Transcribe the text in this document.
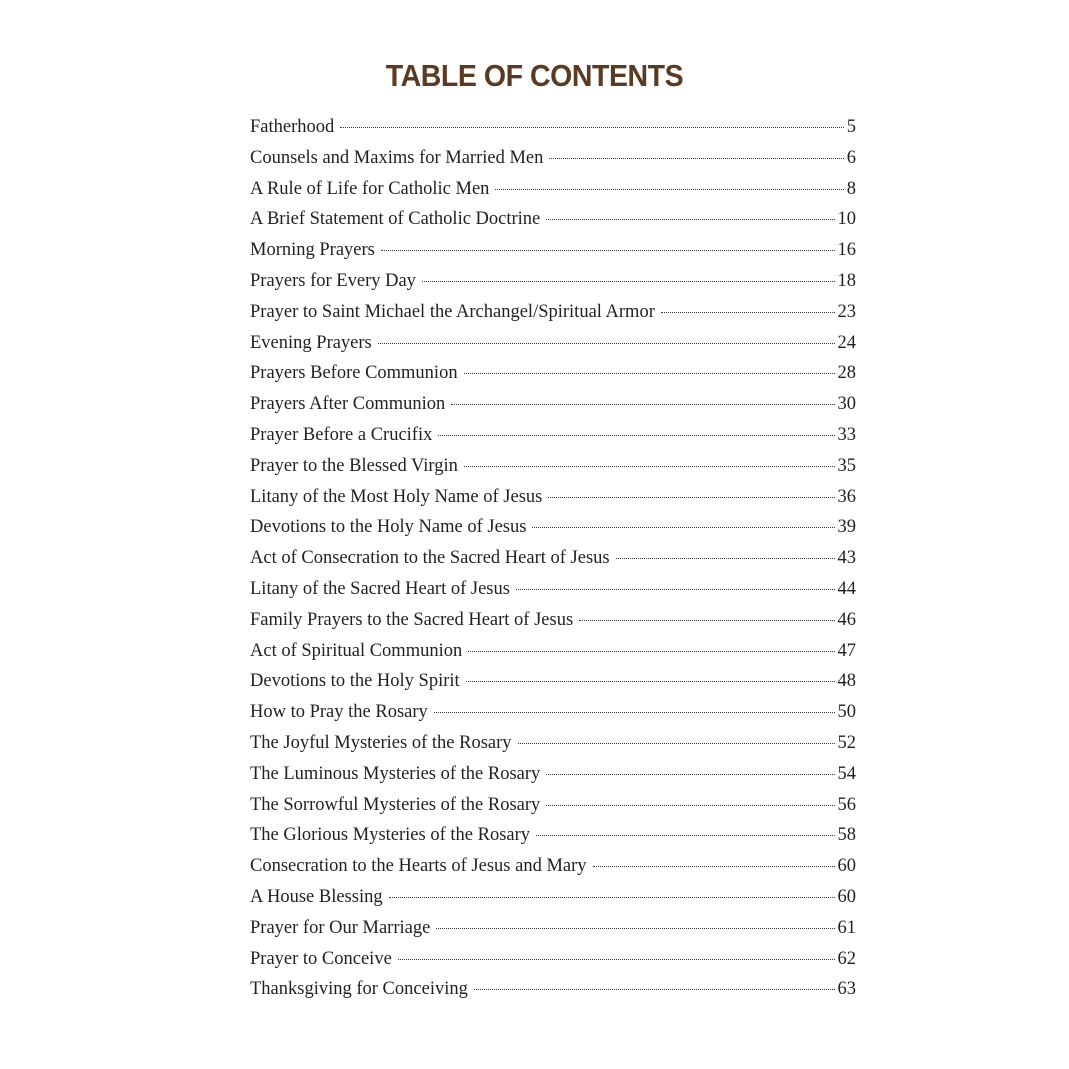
TABLE OF CONTENTS
Fatherhood	5
Counsels and Maxims for Married Men	6
A Rule of Life for Catholic Men	8
A Brief Statement of Catholic Doctrine	10
Morning Prayers	16
Prayers for Every Day	18
Prayer to Saint Michael the Archangel/Spiritual Armor	23
Evening Prayers	24
Prayers Before Communion	28
Prayers After Communion	30
Prayer Before a Crucifix	33
Prayer to the Blessed Virgin	35
Litany of the Most Holy Name of Jesus	36
Devotions to the Holy Name of Jesus	39
Act of Consecration to the Sacred Heart of Jesus	43
Litany of the Sacred Heart of Jesus	44
Family Prayers to the Sacred Heart of Jesus	46
Act of Spiritual Communion	47
Devotions to the Holy Spirit	48
How to Pray the Rosary	50
The Joyful Mysteries of the Rosary	52
The Luminous Mysteries of the Rosary	54
The Sorrowful Mysteries of the Rosary	56
The Glorious Mysteries of the Rosary	58
Consecration to the Hearts of Jesus and Mary	60
A House Blessing	60
Prayer for Our Marriage	61
Prayer to Conceive	62
Thanksgiving for Conceiving	63
